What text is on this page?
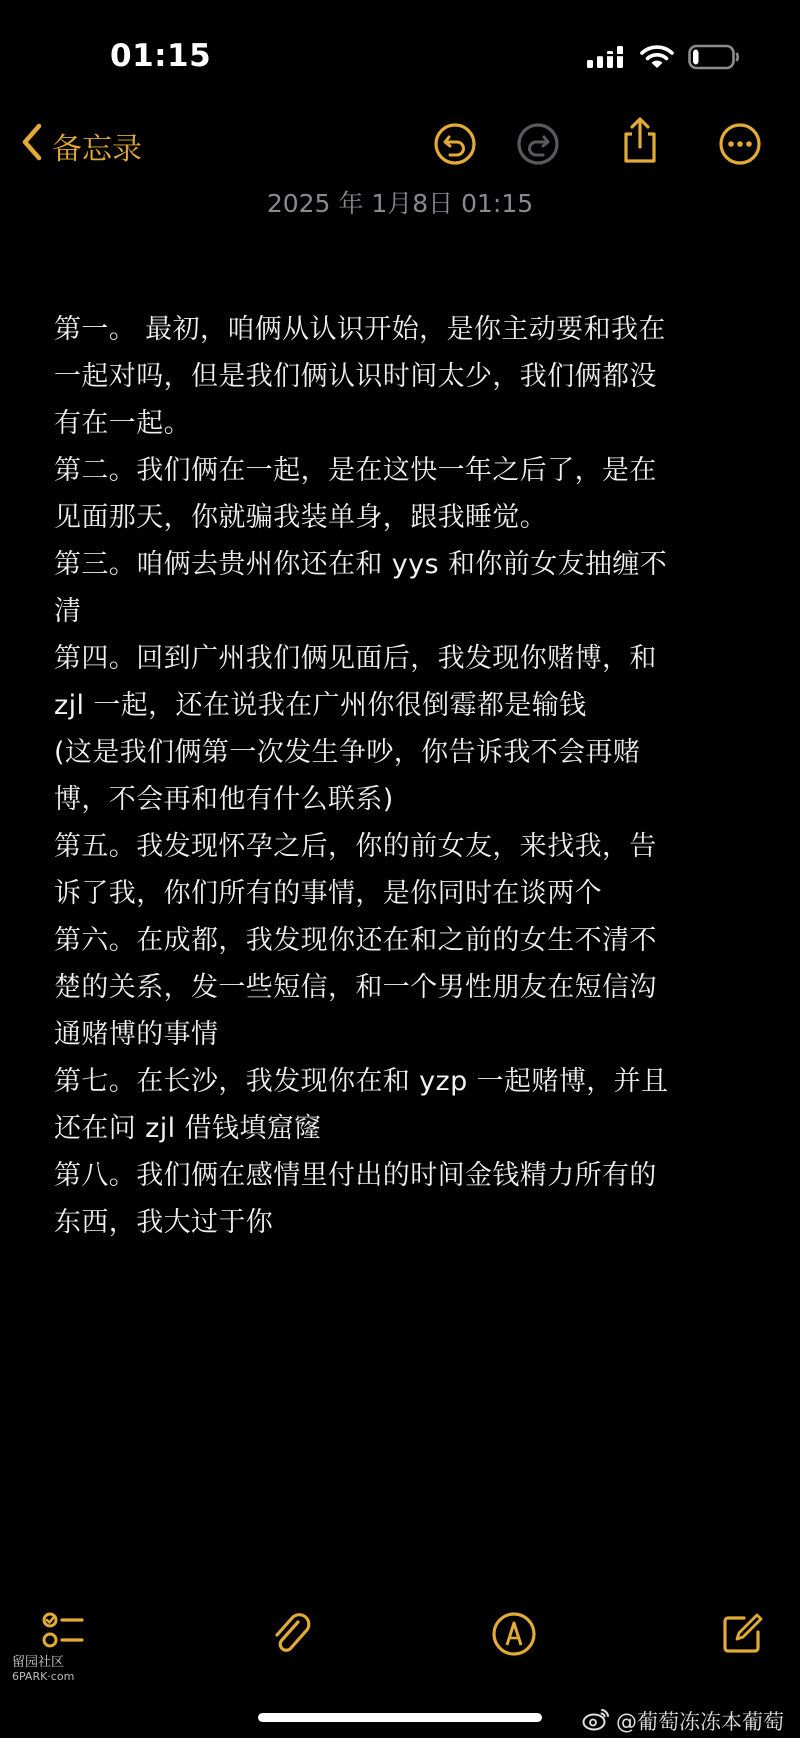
01:15
备忘录
2025 年 1月8日 01:15
第一。 最初，咱俩从认识开始，是你主动要和我在
一起对吗，但是我们俩认识时间太少，我们俩都没
有在一起。
第二。我们俩在一起，是在这快一年之后了，是在
见面那天，你就骗我装单身，跟我睡觉。
第三。咱俩去贵州你还在和 yys 和你前女友抽缠不
清
第四。回到广州我们俩见面后，我发现你赌博，和
zjl 一起，还在说我在广州你很倒霉都是输钱
(这是我们俩第一次发生争吵，你告诉我不会再赌
博，不会再和他有什么联系)
第五。我发现怀孕之后，你的前女友，来找我，告
诉了我，你们所有的事情，是你同时在谈两个
第六。在成都，我发现你还在和之前的女生不清不
楚的关系，发一些短信，和一个男性朋友在短信沟
通赌博的事情
第七。在长沙，我发现你在和 yzp 一起赌博，并且
还在问 zjl 借钱填窟窿
第八。我们俩在感情里付出的时间金钱精力所有的
东西，我大过于你
留园社区
6PARK·com
@葡萄冻冻本葡萄
